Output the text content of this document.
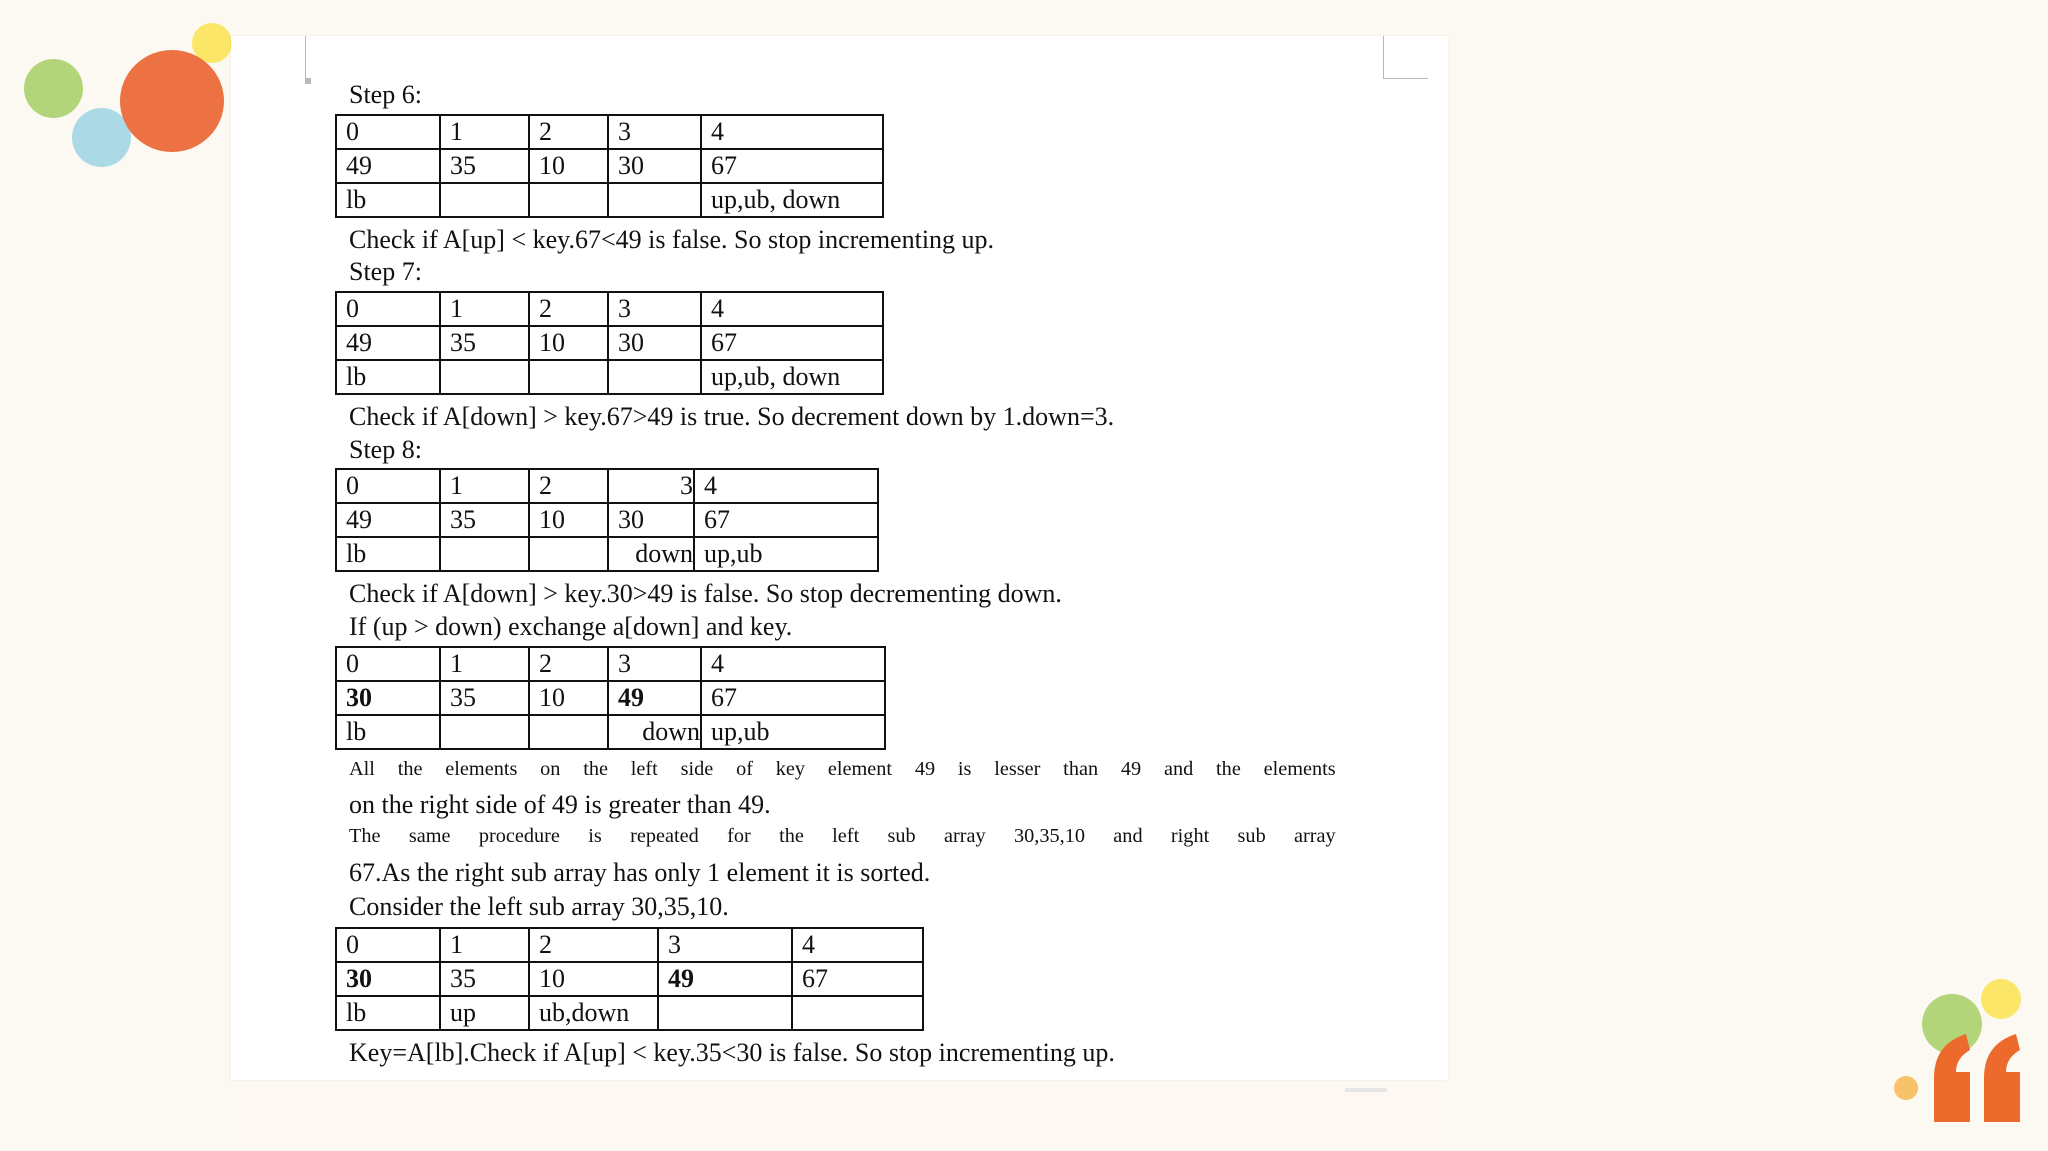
Step 6:
0	1	2	3	4
49	35	10	30	67
lb				up,ub, down
Check if A[up] < key.67<49 is false. So stop incrementing up.
Step 7:
0	1	2	3	4
49	35	10	30	67
lb				up,ub, down
Check if A[down] > key.67>49 is true. So decrement down by 1.down=3.
Step 8:
0	1	2	3	4
49	35	10	30	67
lb			down	up,ub
Check if A[down] > key.30>49 is false. So stop decrementing down.
If (up > down) exchange a[down] and key.
0	1	2	3	4
30	35	10	49	67
lb			down	up,ub
All the elements on the left side of key element 49 is lesser than 49 and the elements
on the right side of 49 is greater than 49.
The same procedure is repeated for the left sub array 30,35,10 and right sub array
67.As the right sub array has only 1 element it is sorted.
Consider the left sub array 30,35,10.
0	1	2	3	4
30	35	10	49	67
lb	up	ub,down		
Key=A[lb].Check if A[up] < key.35<30 is false. So stop incrementing up.
